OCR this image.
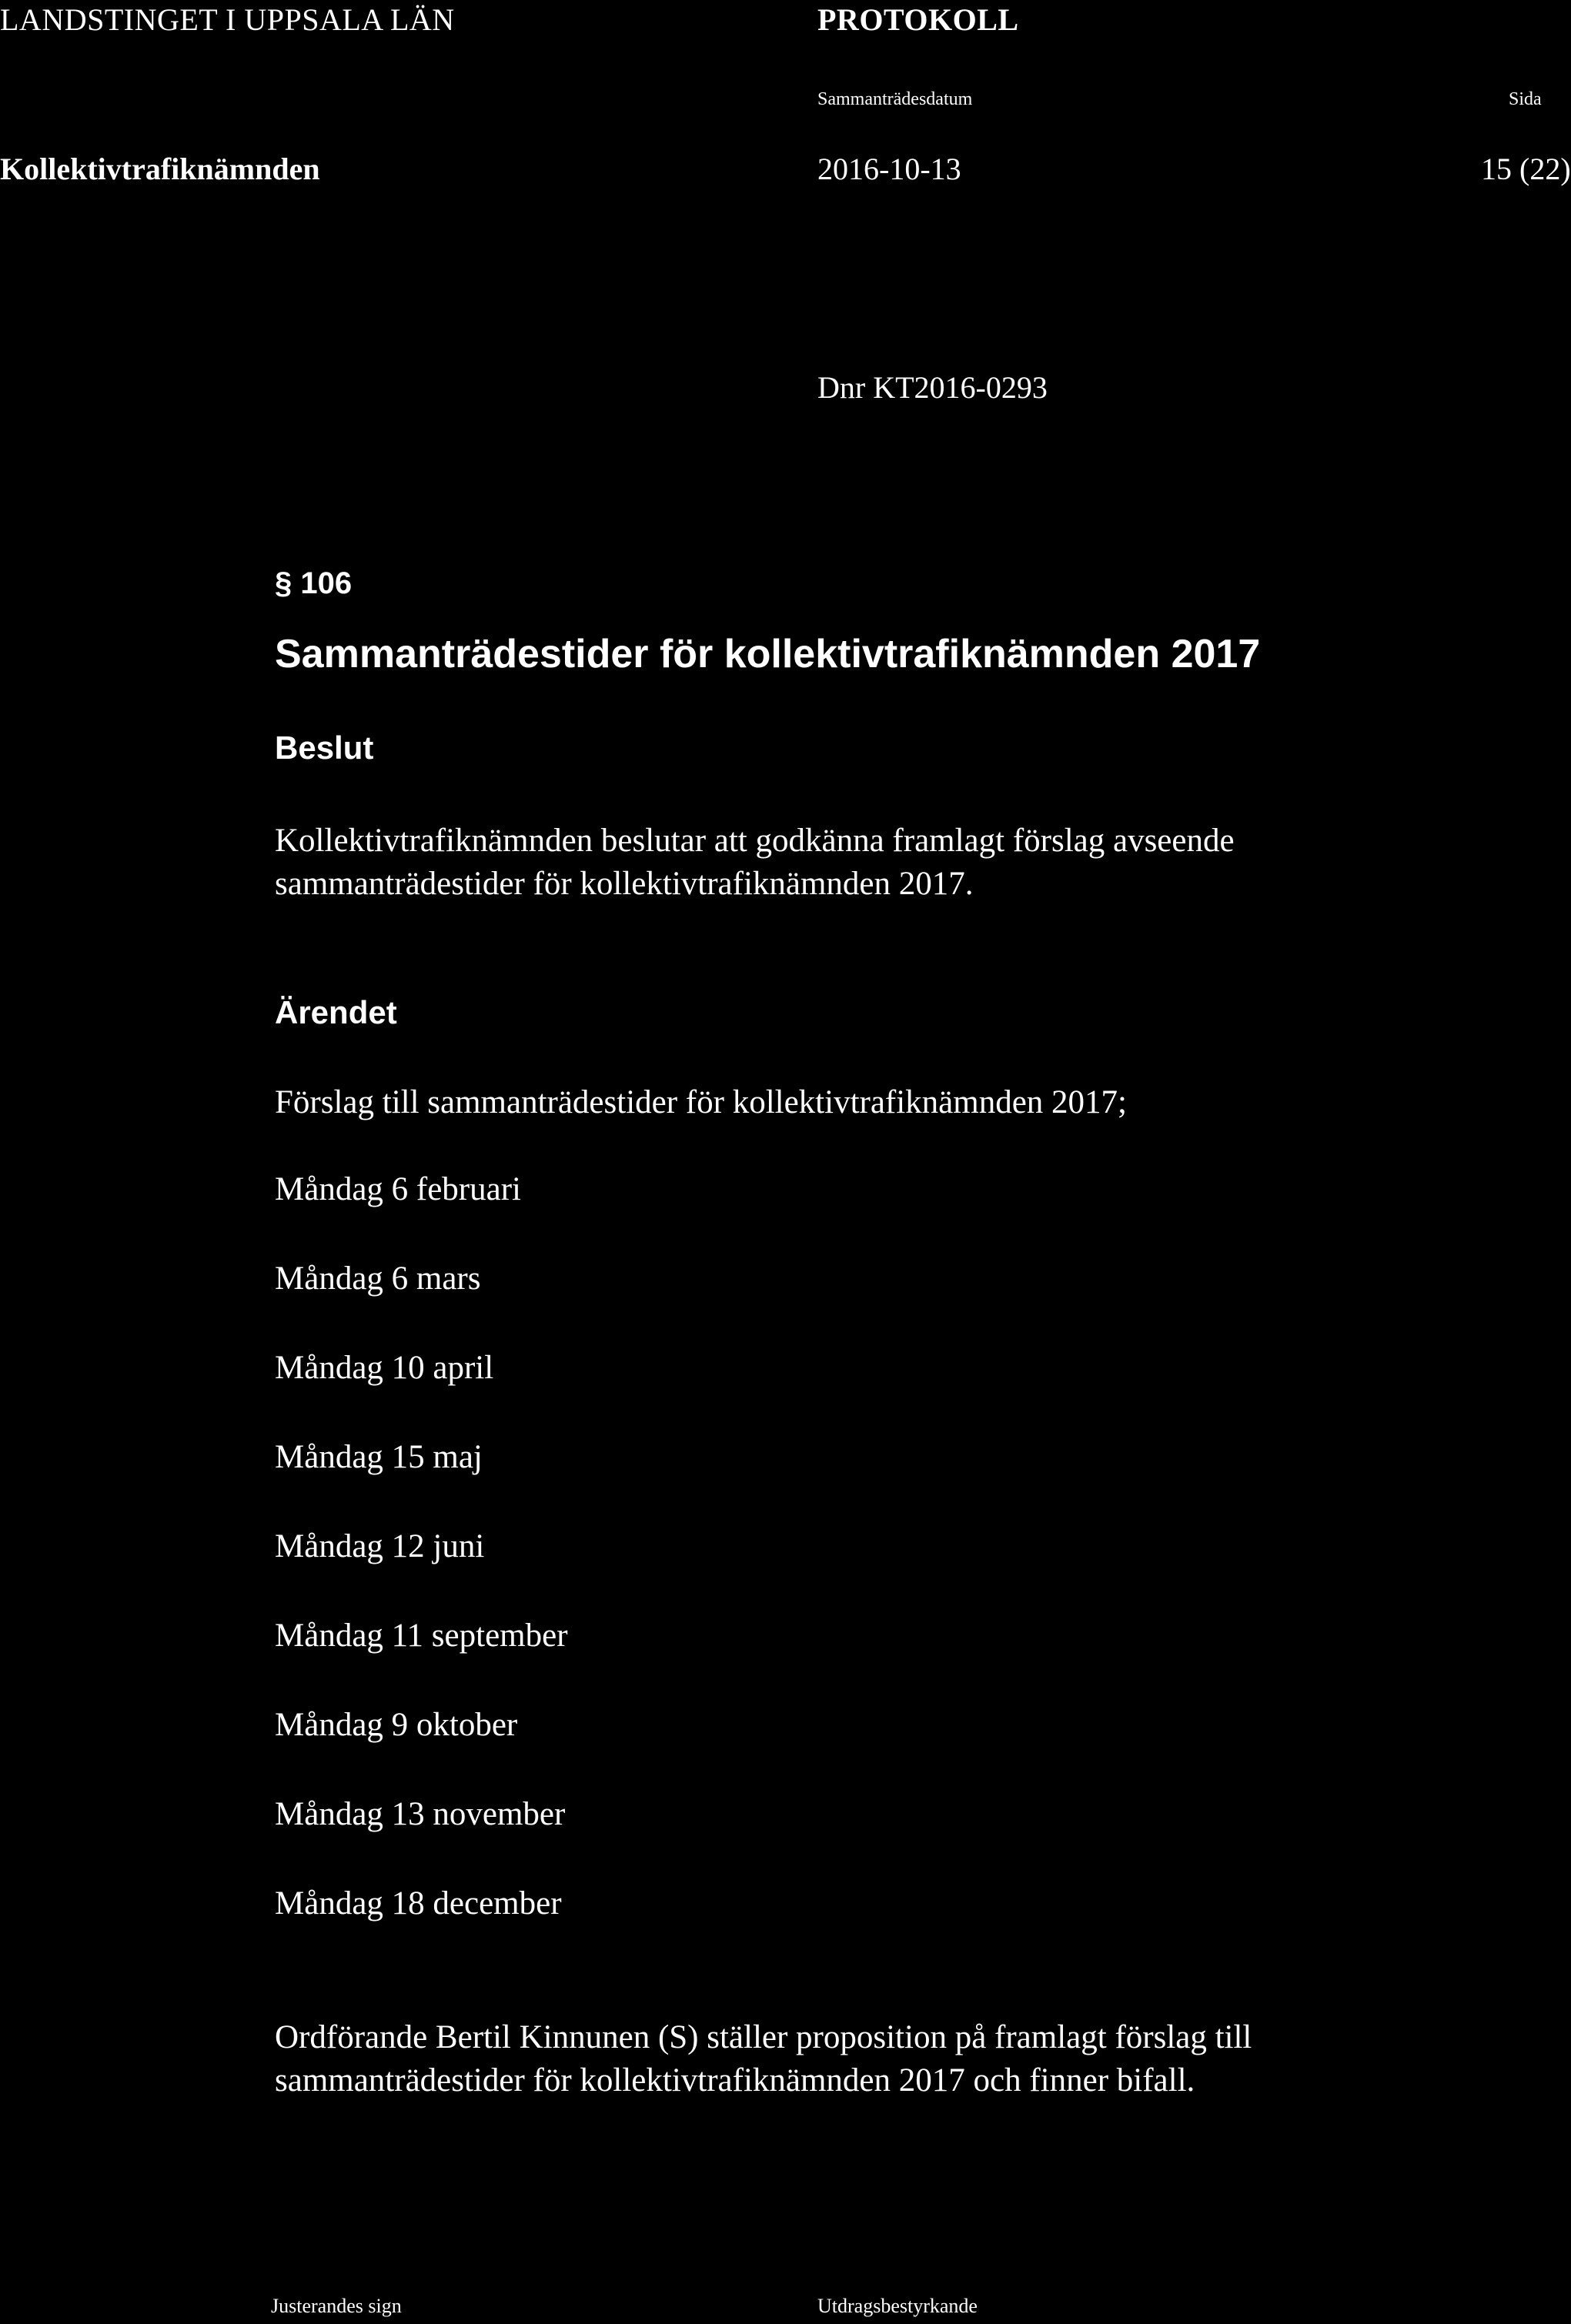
LANDSTINGET I UPPSALA LÄN	PROTOKOLL
Sammanträdesdatum	Sida
Kollektivtrafiknämnden	2016-10-13	15 (22)
Dnr KT2016-0293
§ 106
Sammanträdestider för kollektivtrafiknämnden 2017
Beslut
Kollektivtrafiknämnden beslutar att godkänna framlagt förslag avseende sammanträdestider för kollektivtrafiknämnden 2017.
Ärendet
Förslag till sammanträdestider för kollektivtrafiknämnden 2017;
Måndag 6 februari
Måndag 6 mars
Måndag 10 april
Måndag 15 maj
Måndag 12 juni
Måndag 11 september
Måndag 9 oktober
Måndag 13 november
Måndag 18 december
Ordförande Bertil Kinnunen (S) ställer proposition på framlagt förslag till sammanträdestider för kollektivtrafiknämnden 2017 och finner bifall.
Justerandes sign	Utdragsbestyrkande
